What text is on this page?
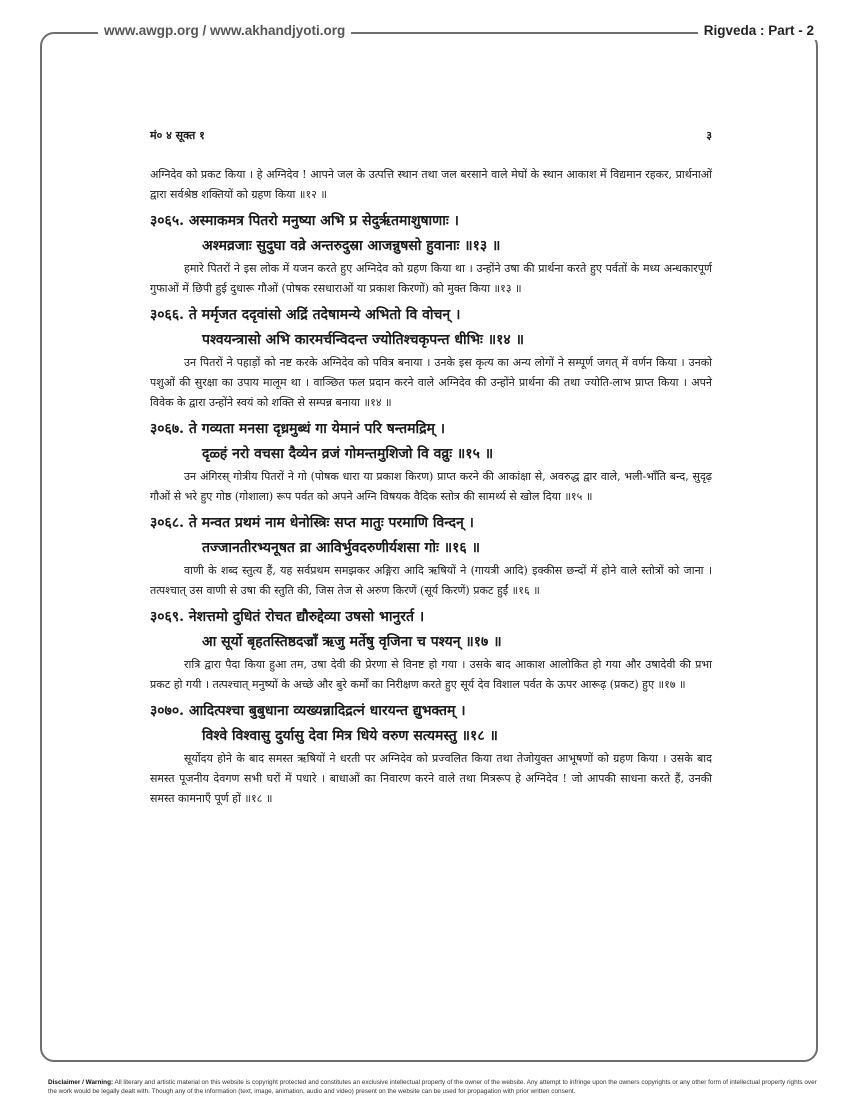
www.awgp.org / www.akhandjyoti.org	Rigveda : Part - 2
मं० ४ सूक्त १	३

अग्निदेव को प्रकट किया । हे अग्निदेव ! आपने जल के उत्पत्ति स्थान तथा जल बरसाने वाले मेघों के स्थान आकाश में विद्यमान रहकर, प्रार्थनाओं द्वारा सर्वश्रेष्ठ शक्तियों को ग्रहण किया ॥१२ ॥

३०६५. अस्माकमत्र पितरो मनुष्या अभि प्र सेदुर्ऋतमाशुषाणाः ।
अश्मव्रजाः सुदुघा वव्रे अन्तरुदुस्रा आजन्नुषसो हुवानाः ॥१३ ॥

हमारे पितरों ने इस लोक में यजन करते हुए अग्निदेव को ग्रहण किया था । उन्होंने उषा की प्रार्थना करते हुए पर्वतों के मध्य अन्धकारपूर्ण गुफाओं में छिपी हुई दुधारू गौओं (पोषक रसधाराओं या प्रकाश किरणों) को मुक्त किया ॥१३ ॥

३०६६. ते मर्मृजत ददृवांसो अद्रिं तदेषामन्ये अभितो वि वोचन् ।
पश्वयन्त्रासो अभि कारमर्चन्विदन्त ज्योतिश्चकृपन्त धीभिः ॥१४ ॥

उन पितरों ने पहाड़ों को नष्ट करके अग्निदेव को पवित्र बनाया । उनके इस कृत्य का अन्य लोगों ने सम्पूर्ण जगत् में वर्णन किया । उनको पशुओं की सुरक्षा का उपाय मालूम था । वाञ्छित फल प्रदान करने वाले अग्निदेव की उन्होंने प्रार्थना की तथा ज्योति-लाभ प्राप्त किया । अपने विवेक के द्वारा उन्होंने स्वयं को शक्ति से सम्पन्न बनाया ॥१४ ॥

३०६७. ते गव्यता मनसा दृध्रमुब्धं गा येमानं परि षन्तमद्रिम् ।
दृळ्हं नरो वचसा दैव्येन व्रजं गोमन्तमुशिजो वि वव्रुः ॥१५ ॥

उन अंगिरस् गोत्रीय पितरों ने गो (पोषक धारा या प्रकाश किरण) प्राप्त करने की आकांक्षा से, अवरुद्ध द्वार वाले, भली-भाँति बन्द, सुदृढ़ गौओं से भरे हुए गोष्ठ (गोशाला) रूप पर्वत को अपने अग्नि विषयक वैदिक स्तोत्र की सामर्थ्य से खोल दिया ॥१५ ॥

३०६८. ते मन्वत प्रथमं नाम धेनोस्त्रिः सप्त मातुः परमाणि विन्दन् ।
तज्जानतीरभ्यनूषत व्रा आविर्भुवदरुणीर्यशसा गोः ॥१६ ॥

वाणी के शब्द स्तुत्य हैं, यह सर्वप्रथम समझकर अङ्गिरा आदि ऋषियों ने (गायत्री आदि) इक्कीस छन्दों में होने वाले स्तोत्रों को जाना । तत्पश्चात् उस वाणी से उषा की स्तुति की, जिस तेज से अरुण किरणें (सूर्य किरणें) प्रकट हुईं ॥१६ ॥

३०६९. नेशत्तमो दुधितं रोचत द्यौरुद्देव्या उषसो भानुरर्त ।
आ सूर्यो बृहतस्तिष्ठदज्राँ ऋजु मर्तेषु वृजिना च पश्यन् ॥१७ ॥

रात्रि द्वारा पैदा किया हुआ तम, उषा देवी की प्रेरणा से विनष्ट हो गया । उसके बाद आकाश आलोकित हो गया और उषादेवी की प्रभा प्रकट हो गयी । तत्पश्चात् मनुष्यों के अच्छे और बुरे कर्मों का निरीक्षण करते हुए सूर्य देव विशाल पर्वत के ऊपर आरूढ़ (प्रकट) हुए ॥१७ ॥

३०७०. आदित्पश्चा बुबुधाना व्यख्यन्नादिद्रत्नं धारयन्त द्युभक्तम् ।
विश्वे विश्वासु दुर्यासु देवा मित्र धिये वरुण सत्यमस्तु ॥१८ ॥

सूर्योदय होने के बाद समस्त ऋषियों ने धरती पर अग्निदेव को प्रज्वलित किया तथा तेजोयुक्त आभूषणों को ग्रहण किया । उसके बाद समस्त पूजनीय देवगण सभी घरों में पधारे । बाधाओं का निवारण करने वाले तथा मित्ररूप हे अग्निदेव ! जो आपकी साधना करते हैं, उनकी समस्त कामनाएँ पूर्ण हों ॥१८ ॥

Disclaimer / Warning: All literary and artistic material on this website is copyright protected and constitutes an exclusive intellectual property of the owner of the website. Any attempt to infringe upon the owners copyrights or any other form of intellectual property rights over the work would be legally dealt with. Though any of the information (text, image, animation, audio and video) present on the website can be used for propagation with prior written consent.
